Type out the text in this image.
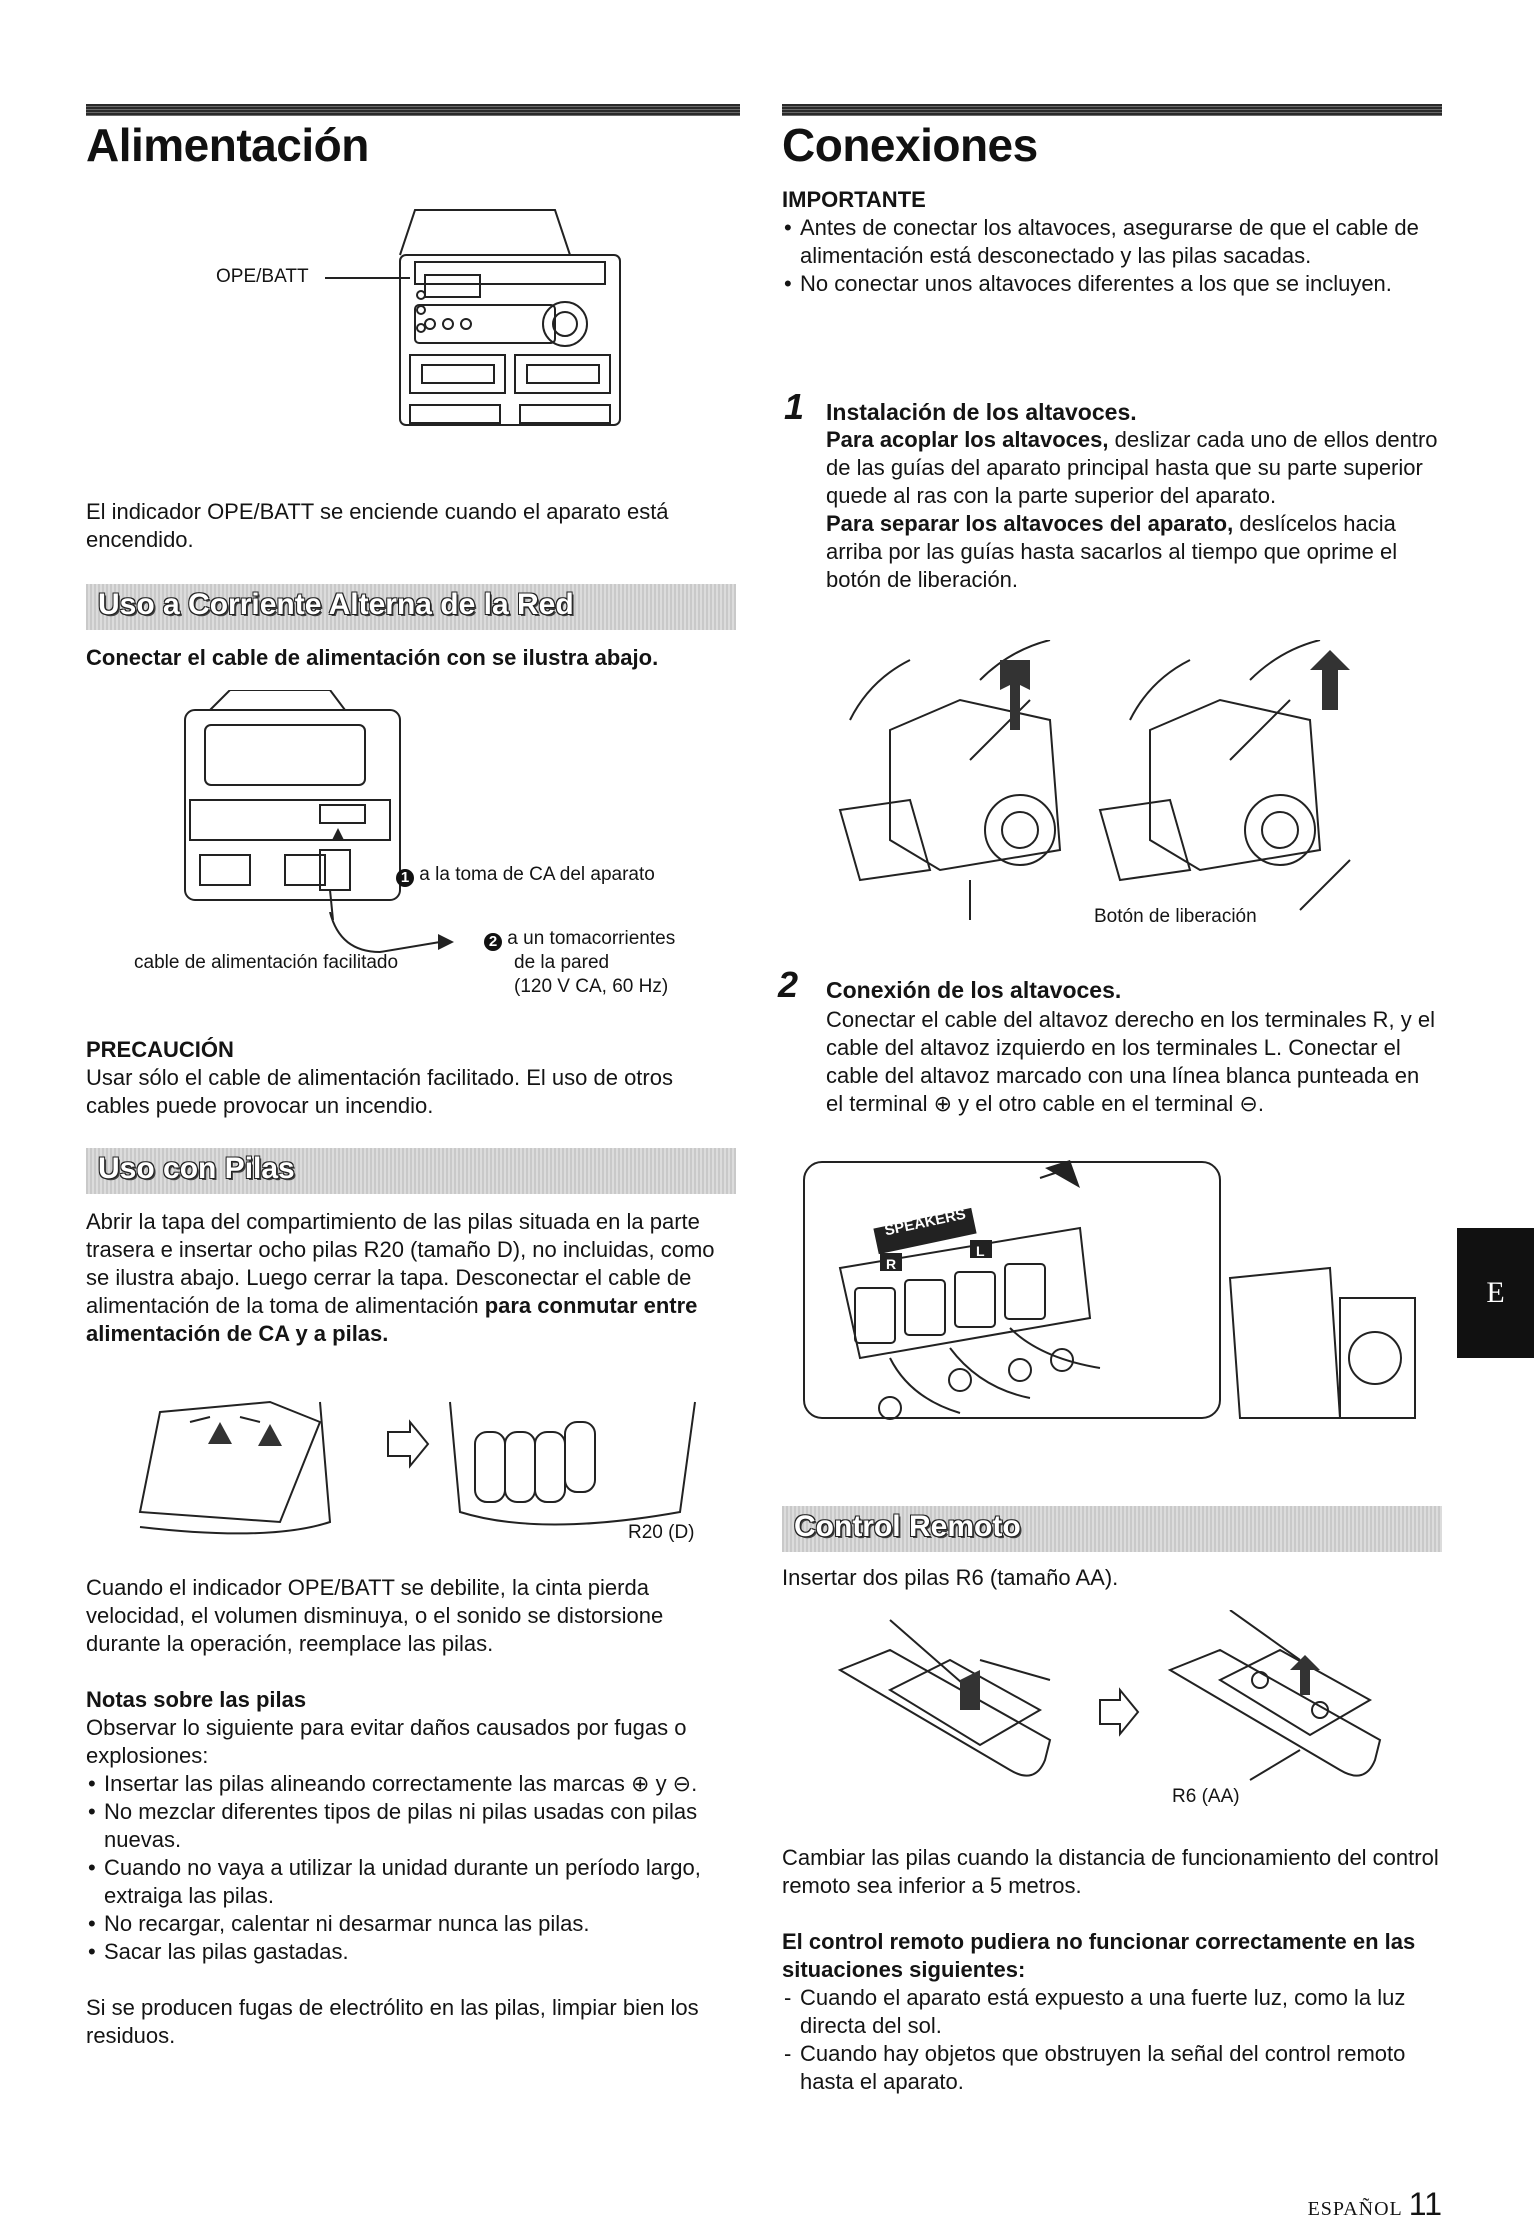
Alimentación
OPE/BATT
El indicador OPE/BATT se enciende cuando el aparato está encendido.
Uso a Corriente Alterna de la Red
Conectar el cable de alimentación con se ilustra abajo.
1 a la toma de CA del aparato
2 a un tomacorrientes
de la pared
(120 V CA, 60 Hz)
cable de alimentación facilitado
PRECAUCIÓN
Usar sólo el cable de alimentación facilitado. El uso de otros cables puede provocar un incendio.
Uso con Pilas
Abrir la tapa del compartimiento de las pilas situada en la parte trasera e insertar ocho pilas R20 (tamaño D), no incluidas, como se ilustra abajo. Luego cerrar la tapa. Desconectar el cable de alimentación de la toma de alimentación para conmutar entre alimentación de CA y a pilas.
R20 (D)
Cuando el indicador OPE/BATT se debilite, la cinta pierda velocidad, el volumen disminuya, o el sonido se distorsione durante la operación, reemplace las pilas.
Notas sobre las pilas
Observar lo siguiente para evitar daños causados por fugas o explosiones:
• Insertar las pilas alineando correctamente las marcas ⊕ y ⊖.
• No mezclar diferentes tipos de pilas ni pilas usadas con pilas nuevas.
• Cuando no vaya a utilizar la unidad durante un período largo, extraiga las pilas.
• No recargar, calentar ni desarmar nunca las pilas.
• Sacar las pilas gastadas.
Si se producen fugas de electrólito en las pilas, limpiar bien los residuos.
Conexiones
IMPORTANTE
• Antes de conectar los altavoces, asegurarse de que el cable de alimentación está desconectado y las pilas sacadas.
• No conectar unos altavoces diferentes a los que se incluyen.
1 Instalación de los altavoces.
Para acoplar los altavoces, deslizar cada uno de ellos dentro de las guías del aparato principal hasta que su parte superior quede al ras con la parte superior del aparato.
Para separar los altavoces del aparato, deslícelos hacia arriba por las guías hasta sacarlos al tiempo que oprime el botón de liberación.
Botón de liberación
2 Conexión de los altavoces.
Conectar el cable del altavoz derecho en los terminales R, y el cable del altavoz izquierdo en los terminales L. Conectar el cable del altavoz marcado con una línea blanca punteada en el terminal ⊕ y el otro cable en el terminal ⊖.
SPEAKERS
R
L
Control Remoto
Insertar dos pilas R6 (tamaño AA).
R6 (AA)
Cambiar las pilas cuando la distancia de funcionamiento del control remoto sea inferior a 5 metros.
El control remoto pudiera no funcionar correctamente en las situaciones siguientes:
- Cuando el aparato está expuesto a una fuerte luz, como la luz directa del sol.
- Cuando hay objetos que obstruyen la señal del control remoto hasta el aparato.
E
ESPAÑOL 11
